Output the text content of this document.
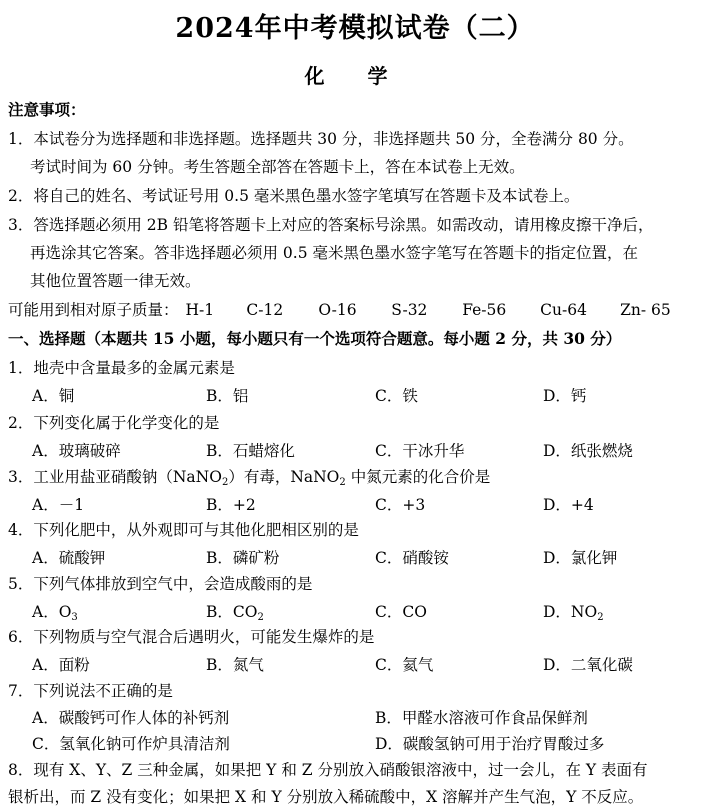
2024年中考模拟试卷（二）
化 学
注意事项：
1．本试卷分为选择题和非选择题。选择题共 30 分，非选择题共 50 分，全卷满分 80 分。
考试时间为 60 分钟。考生答题全部答在答题卡上，答在本试卷上无效。
2．将自己的姓名、考试证号用 0.5 毫米黑色墨水签字笔填写在答题卡及本试卷上。
3．答选择题必须用 2B 铅笔将答题卡上对应的答案标号涂黑。如需改动，请用橡皮擦干净后，
再选涂其它答案。答非选择题必须用 0.5 毫米黑色墨水签字笔写在答题卡的指定位置，在
其他位置答题一律无效。
可能用到相对原子质量： H-1 C-12 O-16 S-32 Fe-56 Cu-64 Zn- 65
一、选择题（本题共 15 小题，每小题只有一个选项符合题意。每小题 2 分，共 30 分）
1．地壳中含量最多的金属元素是
A．铜	B．铝	C．铁	D．钙
2．下列变化属于化学变化的是
A．玻璃破碎	B．石蜡熔化	C．干冰升华	D．纸张燃烧
3．工业用盐亚硝酸钠（NaNO$_2$）有毒，NaNO$_2$ 中氮元素的化合价是
A．－1	B．+2	C．+3	D．+4
4．下列化肥中，从外观即可与其他化肥相区别的是
A．硫酸钾	B．磷矿粉	C．硝酸铵	D．氯化钾
5．下列气体排放到空气中，会造成酸雨的是
A．$O_3$	B．$CO_2$	C．CO	D．$NO_2$
6．下列物质与空气混合后遇明火，可能发生爆炸的是
A．面粉	B．氮气	C．氦气	D．二氧化碳
7．下列说法不正确的是
A．碳酸钙可作人体的补钙剂	B．甲醛水溶液可作食品保鲜剂
C．氢氧化钠可作炉具清洁剂	D．碳酸氢钠可用于治疗胃酸过多
8．现有 X、Y、Z 三种金属，如果把 Y 和 Z 分别放入硝酸银溶液中，过一会儿，在 Y 表面有
银析出，而 Z 没有变化；如果把 X 和 Y 分别放入稀硫酸中，X 溶解并产生气泡，Y 不反应。
